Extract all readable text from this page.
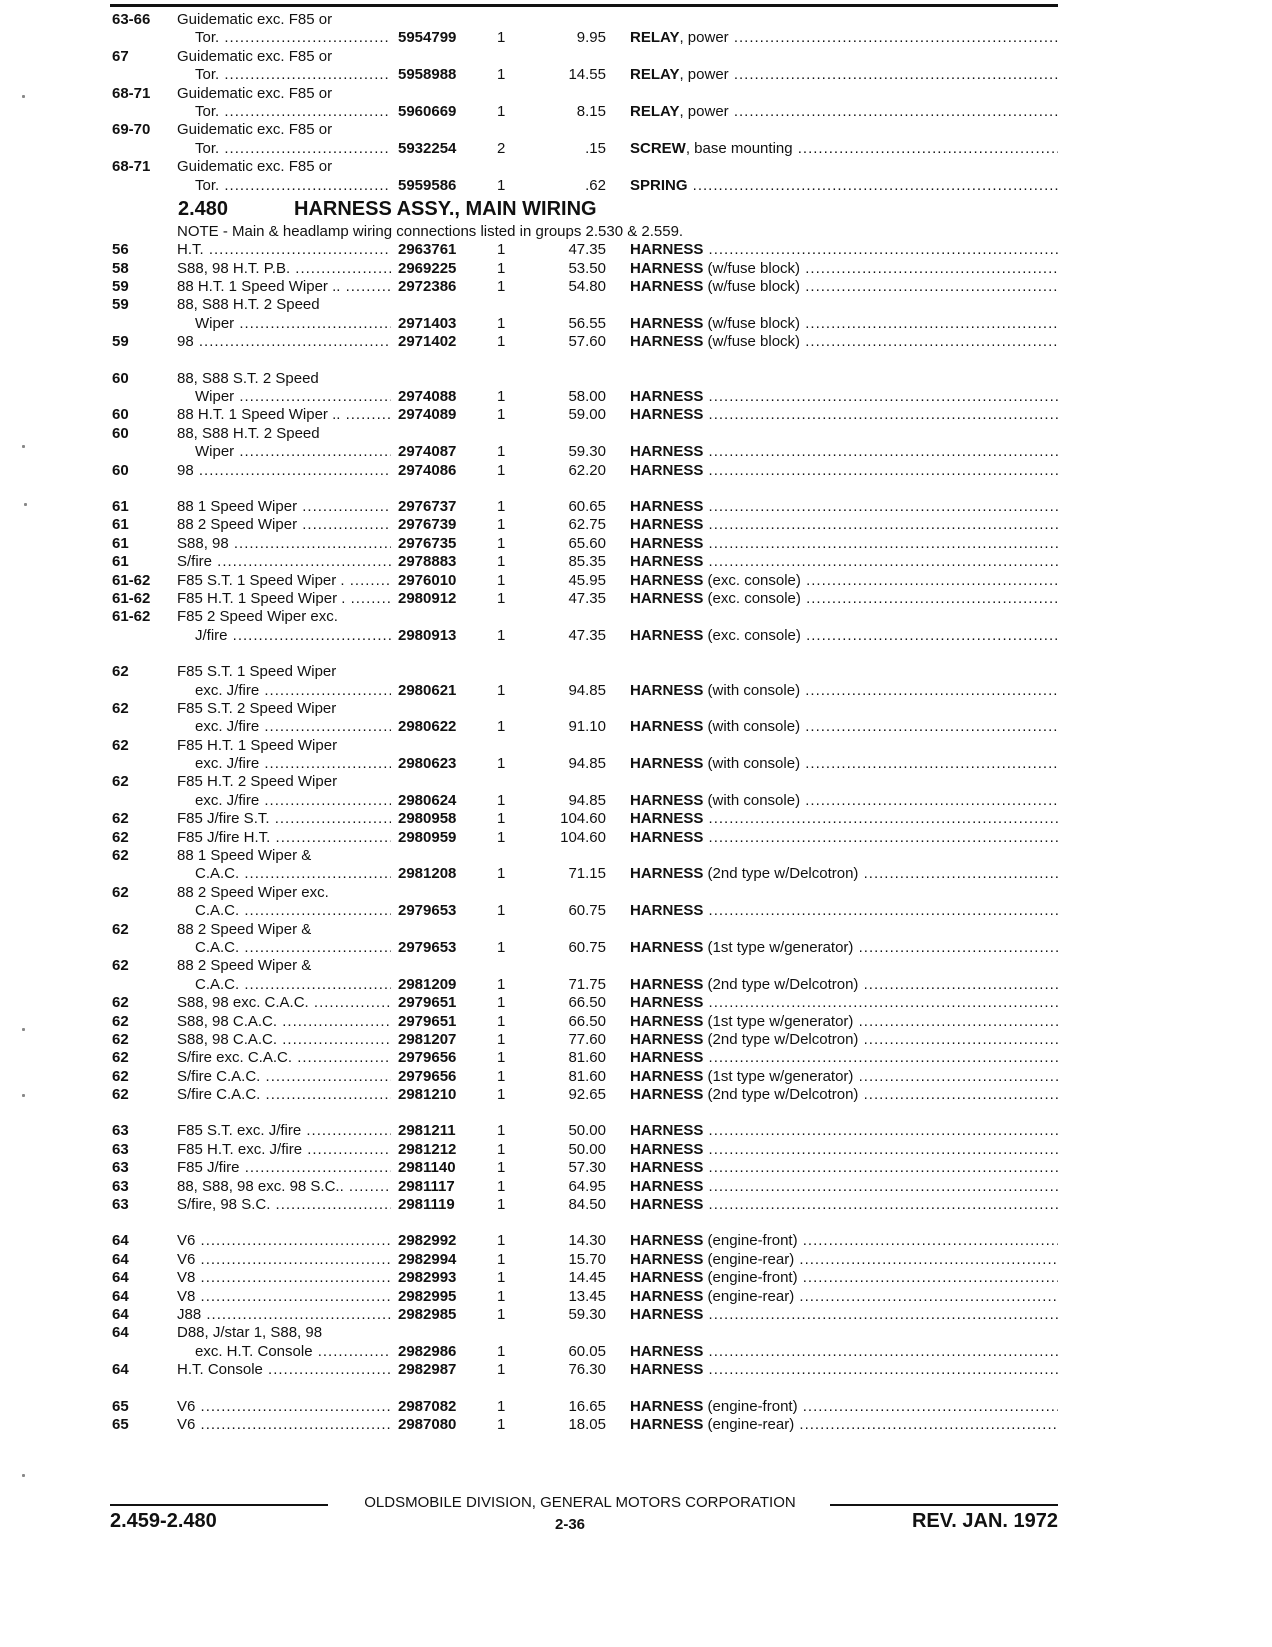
63-66	Guidematic exc. F85 or
Tor. .....	5954799	1	9.95 RELAY, power .....
67	Guidematic exc. F85 or
Tor. .....	5958988	1	14.55 RELAY, power .....
68-71	Guidematic exc. F85 or
Tor. .....	5960669	1	8.15 RELAY, power .....
69-70	Guidematic exc. F85 or
Tor. .....	5932254	2	.15 SCREW, base mounting .....
68-71	Guidematic exc. F85 or
Tor. .....	5959586	1	.62 SPRING .....
2.480	HARNESS ASSY., MAIN WIRING
NOTE - Main & headlamp wiring connections listed in groups 2.530 & 2.559.
56	H.T. .....	2963761	1	47.35 HARNESS .....
58	S88, 98 H.T. P.B. .....	2969225	1	53.50 HARNESS (w/fuse block) .....
59	88 H.T. 1 Speed Wiper .. .....	2972386	1	54.80 HARNESS (w/fuse block) .....
59	88, S88 H.T. 2 Speed
Wiper .....	2971403	1	56.55 HARNESS (w/fuse block) .....
59	98 .....	2971402	1	57.60 HARNESS (w/fuse block) .....
60	88, S88 S.T. 2 Speed
Wiper .....	2974088	1	58.00 HARNESS .....
60	88 H.T. 1 Speed Wiper .. .....	2974089	1	59.00 HARNESS .....
60	88, S88 H.T. 2 Speed
Wiper .....	2974087	1	59.30 HARNESS .....
60	98 .....	2974086	1	62.20 HARNESS .....
61	88 1 Speed Wiper .....	2976737	1	60.65 HARNESS .....
61	88 2 Speed Wiper .....	2976739	1	62.75 HARNESS .....
61	S88, 98 .....	2976735	1	65.60 HARNESS .....
61	S/fire .....	2978883	1	85.35 HARNESS .....
61-62	F85 S.T. 1 Speed Wiper . .....	2976010	1	45.95 HARNESS (exc. console) .....
61-62	F85 H.T. 1 Speed Wiper . .....	2980912	1	47.35 HARNESS (exc. console) .....
61-62	F85 2 Speed Wiper exc.
J/fire .....	2980913	1	47.35 HARNESS (exc. console) .....
62	F85 S.T. 1 Speed Wiper
exc. J/fire .....	2980621	1	94.85 HARNESS (with console) .....
62	F85 S.T. 2 Speed Wiper
exc. J/fire .....	2980622	1	91.10 HARNESS (with console) .....
62	F85 H.T. 1 Speed Wiper
exc. J/fire .....	2980623	1	94.85 HARNESS (with console) .....
62	F85 H.T. 2 Speed Wiper
exc. J/fire .....	2980624	1	94.85 HARNESS (with console) .....
62	F85 J/fire S.T. .....	2980958	1	104.60 HARNESS .....
62	F85 J/fire H.T. .....	2980959	1	104.60 HARNESS .....
62	88 1 Speed Wiper &
C.A.C. .....	2981208	1	71.15 HARNESS (2nd type w/Delcotron) .....
62	88 2 Speed Wiper exc.
C.A.C. .....	2979653	1	60.75 HARNESS .....
62	88 2 Speed Wiper &
C.A.C. .....	2979653	1	60.75 HARNESS (1st type w/generator) .....
62	88 2 Speed Wiper &
C.A.C. .....	2981209	1	71.75 HARNESS (2nd type w/Delcotron) .....
62	S88, 98 exc. C.A.C. .....	2979651	1	66.50 HARNESS .....
62	S88, 98 C.A.C. .....	2979651	1	66.50 HARNESS (1st type w/generator) .....
62	S88, 98 C.A.C. .....	2981207	1	77.60 HARNESS (2nd type w/Delcotron) .....
62	S/fire exc. C.A.C. .....	2979656	1	81.60 HARNESS .....
62	S/fire C.A.C. .....	2979656	1	81.60 HARNESS (1st type w/generator) .....
62	S/fire C.A.C. .....	2981210	1	92.65 HARNESS (2nd type w/Delcotron) .....
63	F85 S.T. exc. J/fire .....	2981211	1	50.00 HARNESS .....
63	F85 H.T. exc. J/fire .....	2981212	1	50.00 HARNESS .....
63	F85 J/fire .....	2981140	1	57.30 HARNESS .....
63	88, S88, 98 exc. 98 S.C.. .....	2981117	1	64.95 HARNESS .....
63	S/fire, 98 S.C. .....	2981119	1	84.50 HARNESS .....
64	V6 .....	2982992	1	14.30 HARNESS (engine-front) .....
64	V6 .....	2982994	1	15.70 HARNESS (engine-rear) .....
64	V8 .....	2982993	1	14.45 HARNESS (engine-front) .....
64	V8 .....	2982995	1	13.45 HARNESS (engine-rear) .....
64	J88 .....	2982985	1	59.30 HARNESS .....
64	D88, J/star 1, S88, 98
exc. H.T. Console .....	2982986	1	60.05 HARNESS .....
64	H.T. Console .....	2982987	1	76.30 HARNESS .....
65	V6 .....	2987082	1	16.65 HARNESS (engine-front) .....
65	V6 .....	2987080	1	18.05 HARNESS (engine-rear) .....
OLDSMOBILE DIVISION, GENERAL MOTORS CORPORATION
2.459-2.480	2-36	REV. JAN. 1972
